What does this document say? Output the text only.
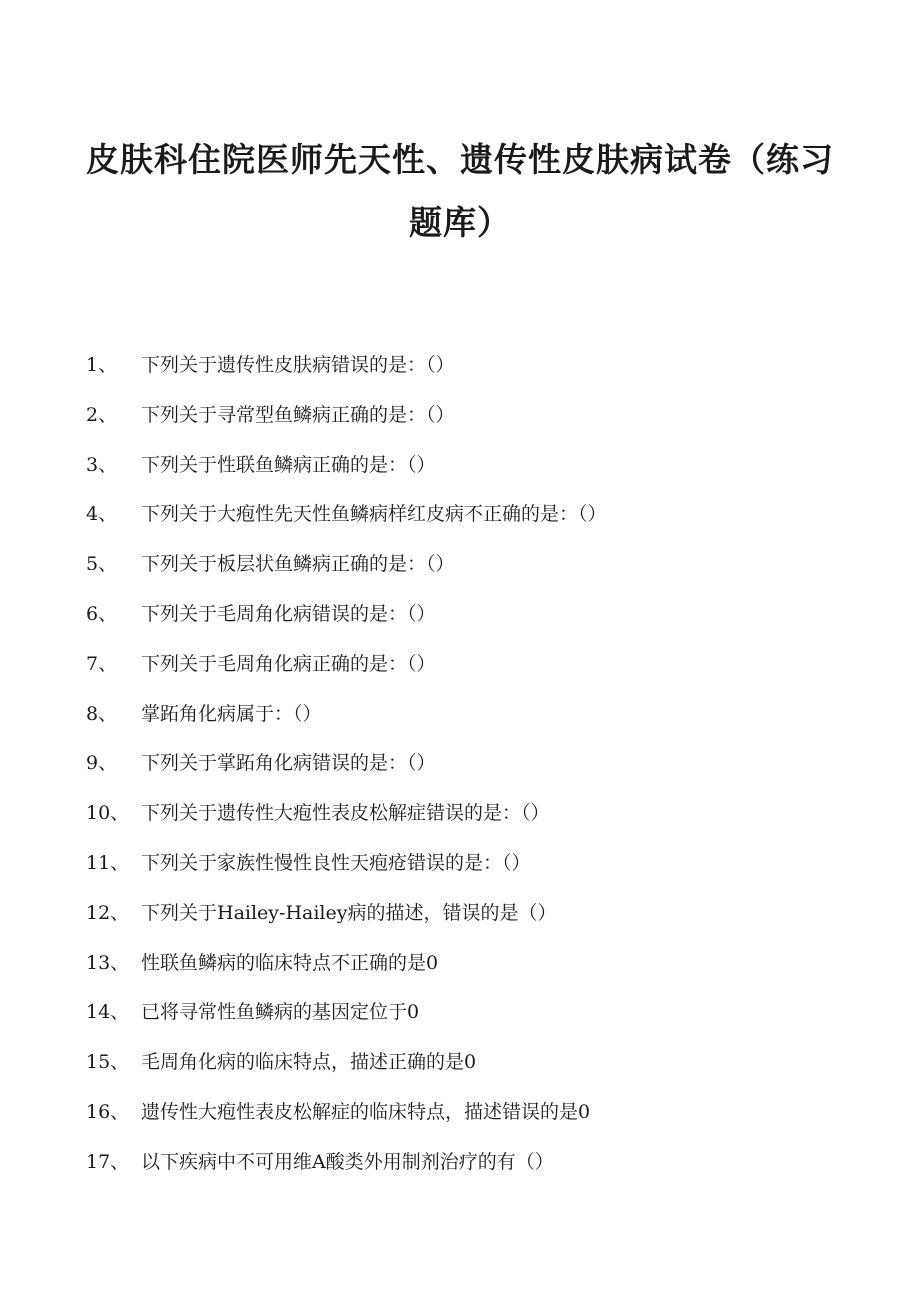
皮肤科住院医师先天性、遗传性皮肤病试卷（练习
题库）
1、 下列关于遗传性皮肤病错误的是：（）
2、 下列关于寻常型鱼鳞病正确的是：（）
3、 下列关于性联鱼鳞病正确的是：（）
4、 下列关于大疱性先天性鱼鳞病样红皮病不正确的是：（）
5、 下列关于板层状鱼鳞病正确的是：（）
6、 下列关于毛周角化病错误的是：（）
7、 下列关于毛周角化病正确的是：（）
8、 掌跖角化病属于：（）
9、 下列关于掌跖角化病错误的是：（）
10、 下列关于遗传性大疱性表皮松解症错误的是：（）
11、 下列关于家族性慢性良性天疱疮错误的是：（）
12、 下列关于Hailey-Hailey病的描述，错误的是（）
13、 性联鱼鳞病的临床特点不正确的是0
14、 已将寻常性鱼鳞病的基因定位于0
15、 毛周角化病的临床特点，描述正确的是0
16、 遗传性大疱性表皮松解症的临床特点，描述错误的是0
17、 以下疾病中不可用维A酸类外用制剂治疗的有（）
